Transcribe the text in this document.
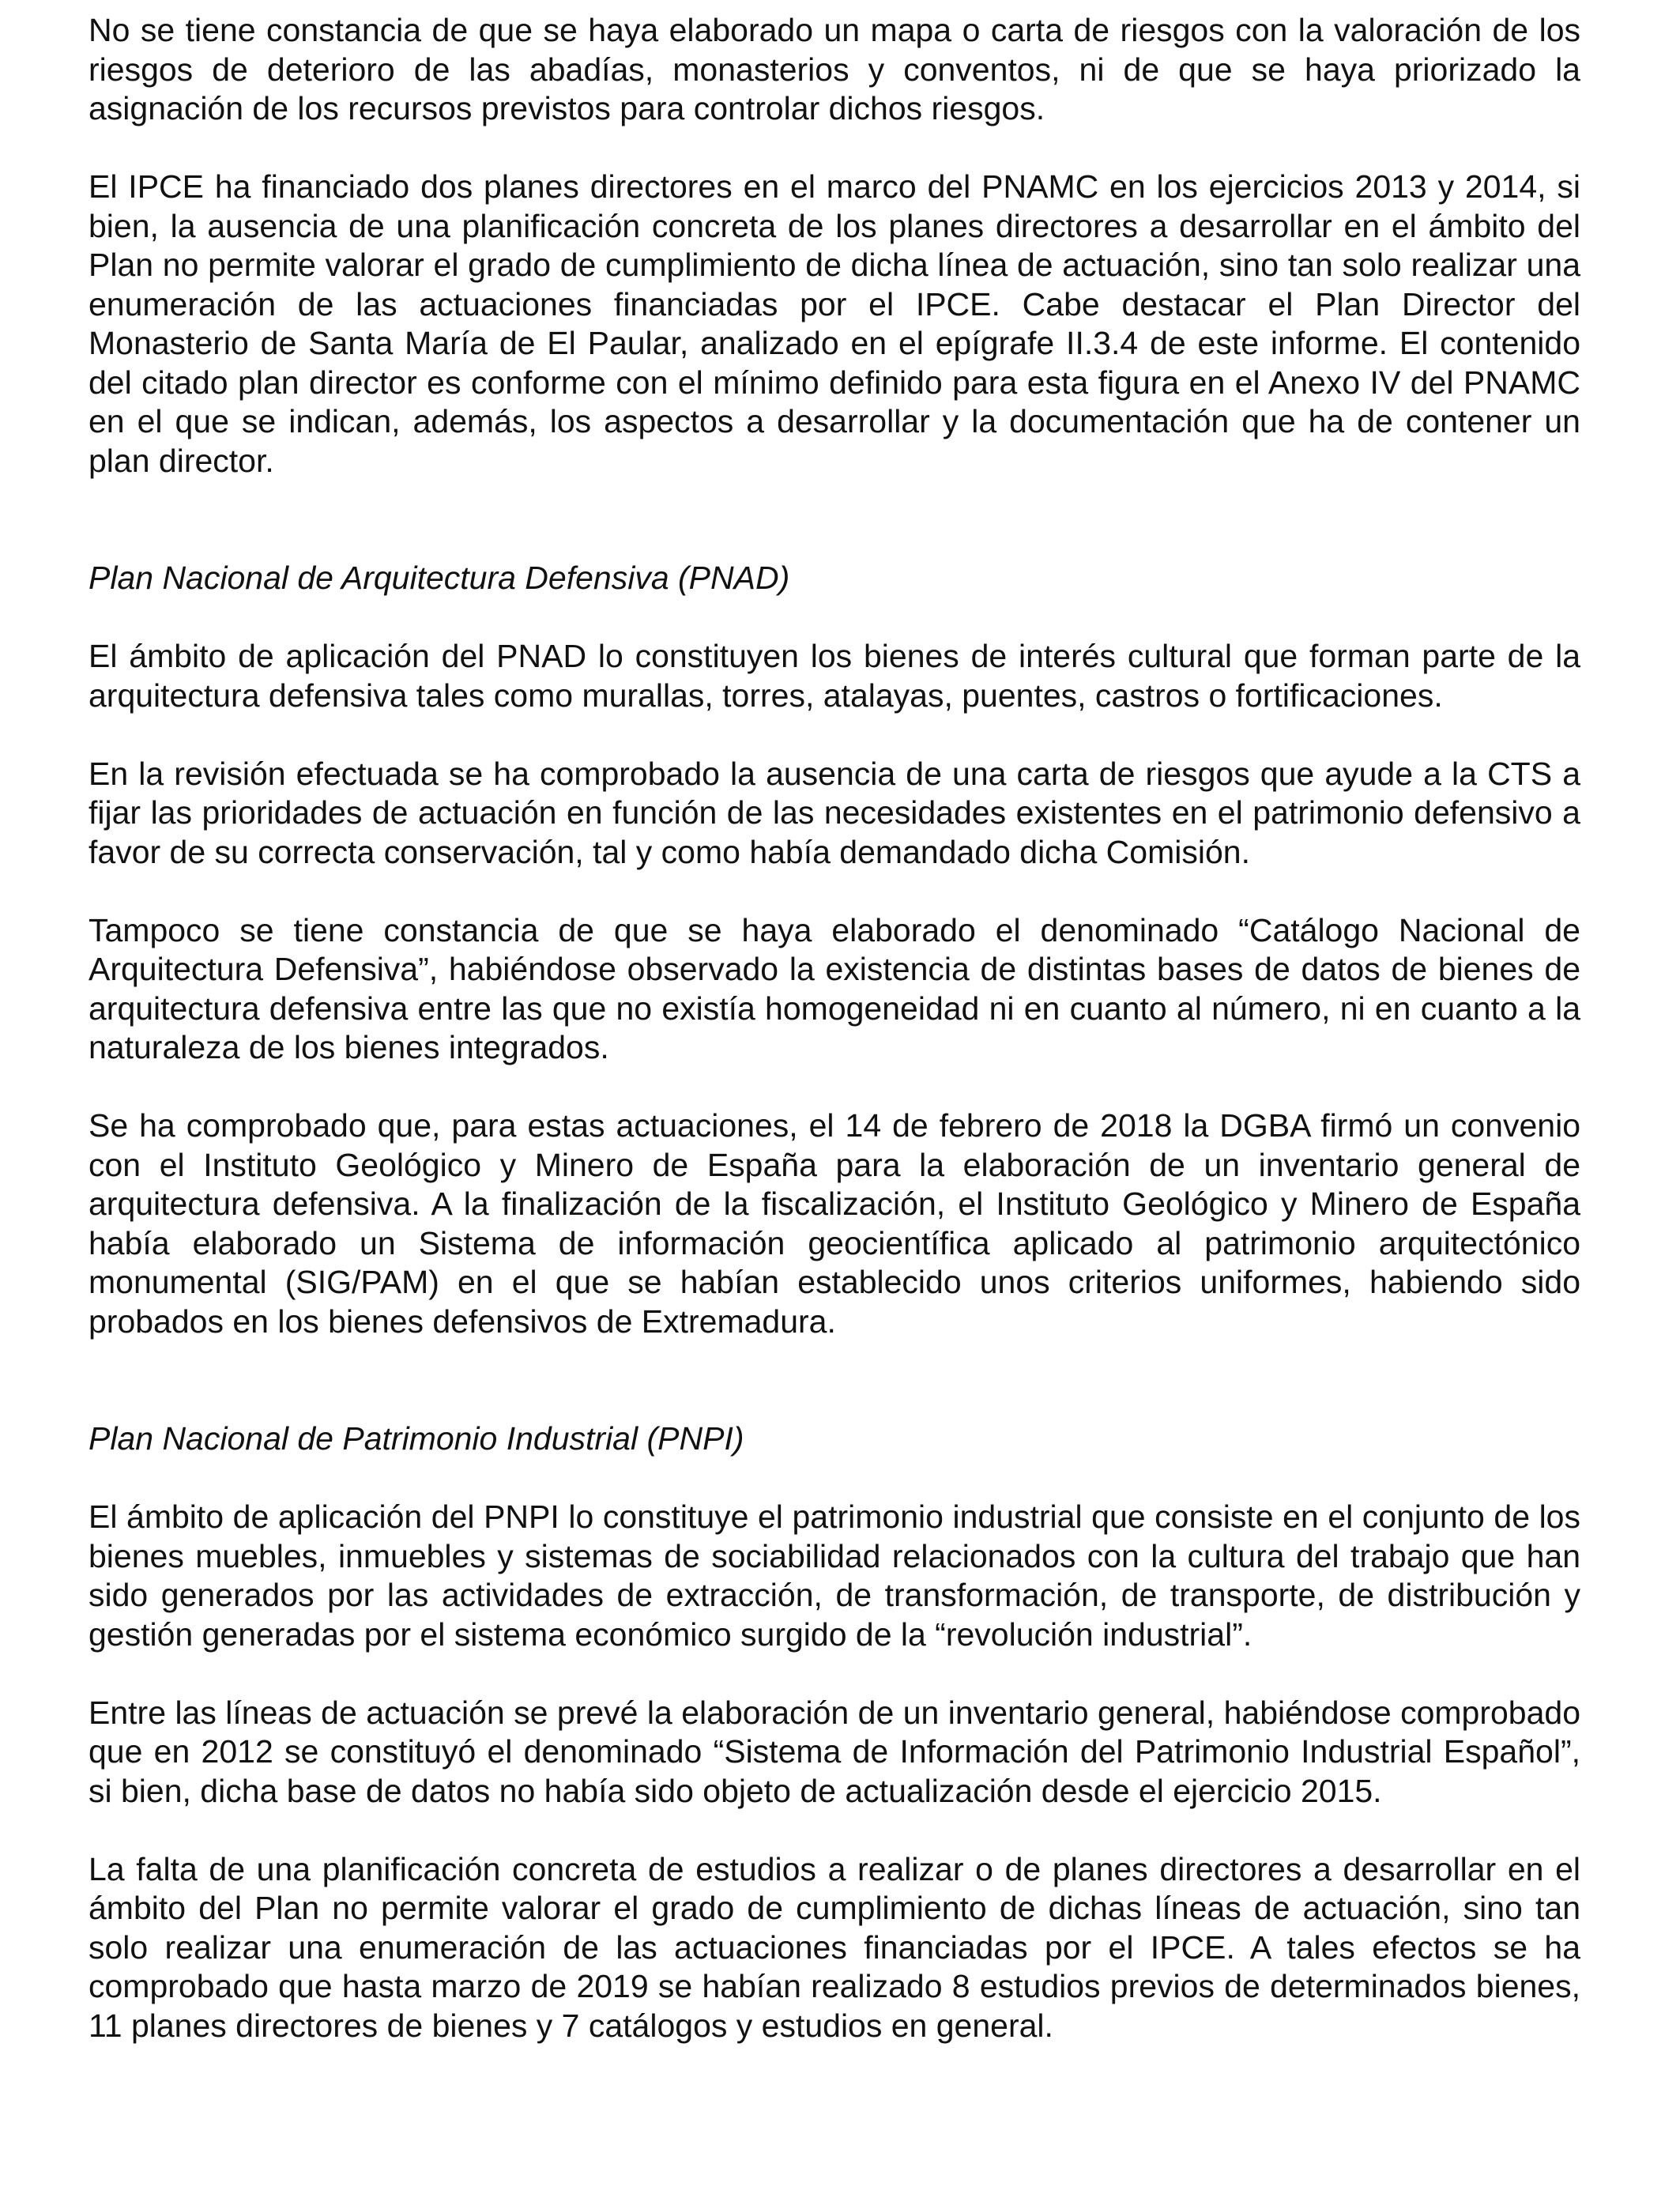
No se tiene constancia de que se haya elaborado un mapa o carta de riesgos con la valoración de los riesgos de deterioro de las abadías, monasterios y conventos, ni de que se haya priorizado la asignación de los recursos previstos para controlar dichos riesgos.

El IPCE ha financiado dos planes directores en el marco del PNAMC en los ejercicios 2013 y 2014, si bien, la ausencia de una planificación concreta de los planes directores a desarrollar en el ámbito del Plan no permite valorar el grado de cumplimiento de dicha línea de actuación, sino tan solo realizar una enumeración de las actuaciones financiadas por el IPCE. Cabe destacar el Plan Director del Monasterio de Santa María de El Paular, analizado en el epígrafe II.3.4 de este informe. El contenido del citado plan director es conforme con el mínimo definido para esta figura en el Anexo IV del PNAMC en el que se indican, además, los aspectos a desarrollar y la documentación que ha de contener un plan director.

Plan Nacional de Arquitectura Defensiva (PNAD)

El ámbito de aplicación del PNAD lo constituyen los bienes de interés cultural que forman parte de la arquitectura defensiva tales como murallas, torres, atalayas, puentes, castros o fortificaciones.

En la revisión efectuada se ha comprobado la ausencia de una carta de riesgos que ayude a la CTS a fijar las prioridades de actuación en función de las necesidades existentes en el patrimonio defensivo a favor de su correcta conservación, tal y como había demandado dicha Comisión.

Tampoco se tiene constancia de que se haya elaborado el denominado “Catálogo Nacional de Arquitectura Defensiva”, habiéndose observado la existencia de distintas bases de datos de bienes de arquitectura defensiva entre las que no existía homogeneidad ni en cuanto al número, ni en cuanto a la naturaleza de los bienes integrados.

Se ha comprobado que, para estas actuaciones, el 14 de febrero de 2018 la DGBA firmó un convenio con el Instituto Geológico y Minero de España para la elaboración de un inventario general de arquitectura defensiva. A la finalización de la fiscalización, el Instituto Geológico y Minero de España había elaborado un Sistema de información geocientífica aplicado al patrimonio arquitectónico monumental (SIG/PAM) en el que se habían establecido unos criterios uniformes, habiendo sido probados en los bienes defensivos de Extremadura.

Plan Nacional de Patrimonio Industrial (PNPI)

El ámbito de aplicación del PNPI lo constituye el patrimonio industrial que consiste en el conjunto de los bienes muebles, inmuebles y sistemas de sociabilidad relacionados con la cultura del trabajo que han sido generados por las actividades de extracción, de transformación, de transporte, de distribución y gestión generadas por el sistema económico surgido de la “revolución industrial”.

Entre las líneas de actuación se prevé la elaboración de un inventario general, habiéndose comprobado que en 2012 se constituyó el denominado “Sistema de Información del Patrimonio Industrial Español”, si bien, dicha base de datos no había sido objeto de actualización desde el ejercicio 2015.

La falta de una planificación concreta de estudios a realizar o de planes directores a desarrollar en el ámbito del Plan no permite valorar el grado de cumplimiento de dichas líneas de actuación, sino tan solo realizar una enumeración de las actuaciones financiadas por el IPCE. A tales efectos se ha comprobado que hasta marzo de 2019 se habían realizado 8 estudios previos de determinados bienes, 11 planes directores de bienes y 7 catálogos y estudios en general.
